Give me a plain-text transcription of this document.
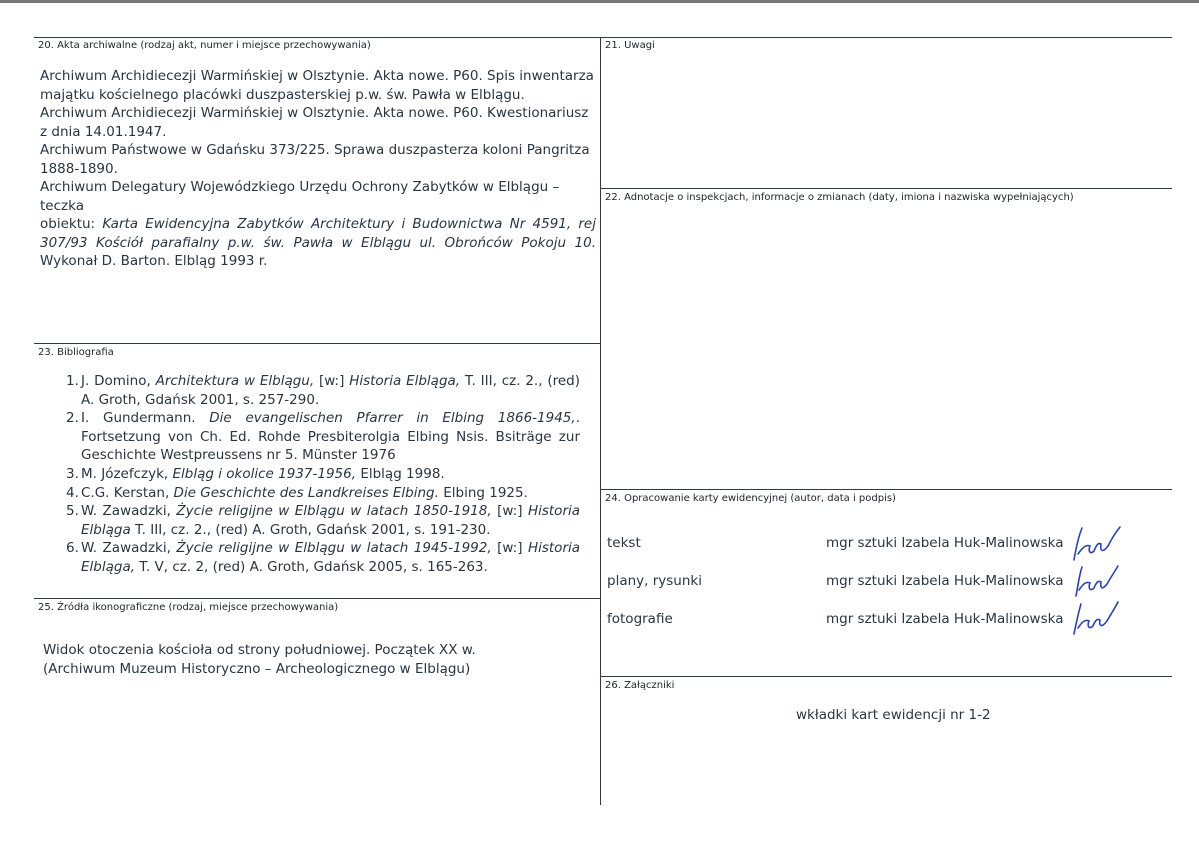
20. Akta archiwalne (rodzaj akt, numer i miejsce przechowywania)

Archiwum Archidiecezji Warmińskiej w Olsztynie. Akta nowe. P60. Spis inwentarza

majątku kościelnego placówki duszpasterskiej p.w. św. Pawła w Elblągu.

Archiwum Archidiecezji Warmińskiej w Olsztynie. Akta nowe. P60. Kwestionariusz

z dnia 14.01.1947.

Archiwum Państwowe w Gdańsku 373/225. Sprawa duszpasterza koloni Pangritza

1888-1890.

Archiwum Delegatury Wojewódzkiego Urzędu Ochrony Zabytków w Elblągu – teczka

obiektu: Karta Ewidencyjna Zabytków Architektury i Budownictwa Nr 4591, rej 307/93 Kościół parafialny p.w. św. Pawła w Elblągu ul. Obrońców Pokoju 10. Wykonał D. Barton. Elbląg 1993 r.

21. Uwagi
22. Adnotacje o inspekcjach, informacje o zmianach (daty, imiona i nazwiska wypełniających)
23. Bibliografia
1. J. Domino, Architektura w Elblągu, [w:] Historia Elbląga, T. III, cz. 2., (red) A. Groth, Gdańsk 2001, s. 257-290.
2. I. Gundermann. Die evangelischen Pfarrer in Elbing 1866-1945,. Fortsetzung von Ch. Ed. Rohde Presbiterolgia Elbing Nsis. Bsiträge zur Geschichte Westpreussens nr 5. Münster 1976
3. M. Józefczyk, Elbląg i okolice 1937-1956, Elbląg 1998.
4. C.G. Kerstan, Die Geschichte des Landkreises Elbing. Elbing 1925.
5. W. Zawadzki, Życie religijne w Elblągu w latach 1850-1918, [w:] Historia Elbląga T. III, cz. 2., (red) A. Groth, Gdańsk 2001, s. 191-230.
6. W. Zawadzki, Życie religijne w Elblągu w latach 1945-1992, [w:] Historia Elbląga, T. V, cz. 2, (red) A. Groth, Gdańsk 2005, s. 165-263.
24. Opracowanie karty ewidencyjnej (autor, data i podpis)
tekst	mgr sztuki Izabela Huk-Malinowska
plany, rysunki	mgr sztuki Izabela Huk-Malinowska
fotografie	mgr sztuki Izabela Huk-Malinowska
25. Źródła ikonograficzne (rodzaj, miejsce przechowywania)

Widok otoczenia kościoła od strony południowej. Początek XX w.

(Archiwum Muzeum Historyczno – Archeologicznego w Elblągu)

26. Załączniki
wkładki kart ewidencji nr 1-2
